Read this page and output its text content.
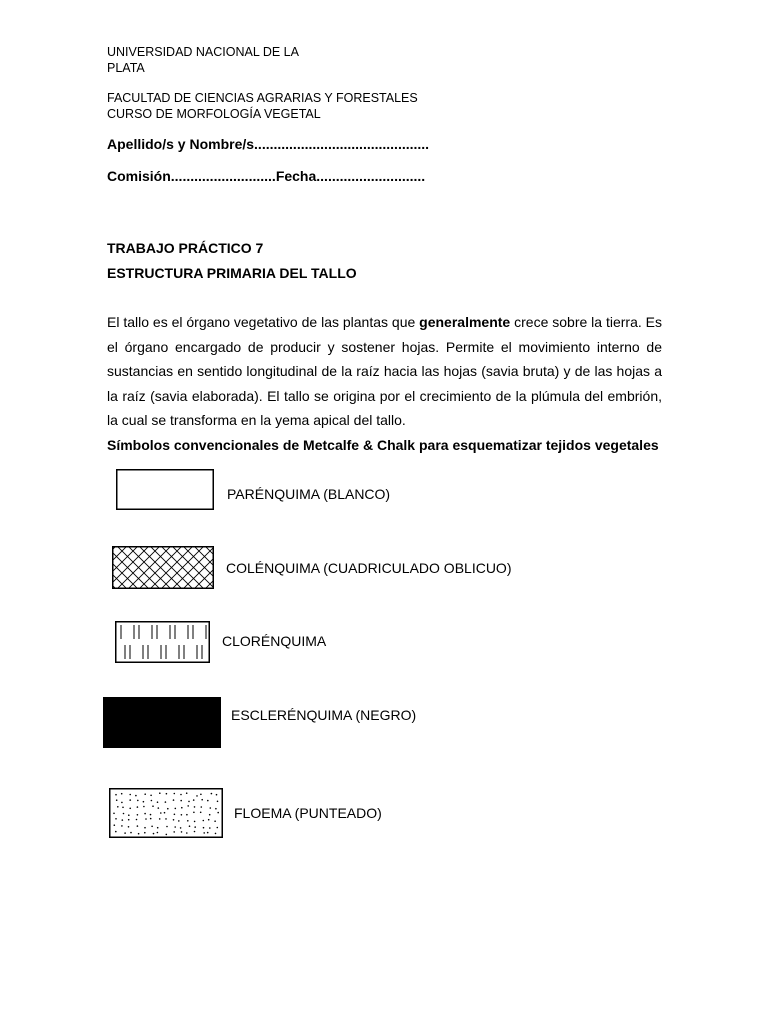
UNIVERSIDAD NACIONAL DE LA
PLATA
FACULTAD DE CIENCIAS AGRARIAS Y FORESTALES
CURSO DE MORFOLOGÍA VEGETAL
Apellido/s y Nombre/s.............................................
Comisión...........................Fecha............................
TRABAJO PRÁCTICO 7
ESTRUCTURA PRIMARIA DEL TALLO
El tallo es el órgano vegetativo de las plantas que generalmente crece sobre la tierra. Es el órgano encargado de producir y sostener hojas. Permite el movimiento interno de sustancias en sentido longitudinal de la raíz hacia las hojas (savia bruta) y de las hojas a la raíz (savia elaborada). El tallo se origina por el crecimiento de la plúmula del embrión, la cual se transforma en la yema apical del tallo.
Símbolos convencionales de Metcalfe & Chalk para esquematizar tejidos vegetales
PARÉNQUIMA (BLANCO)
COLÉNQUIMA (CUADRICULADO OBLICUO)
CLORÉNQUIMA
ESCLERÉNQUIMA (NEGRO)
FLOEMA (PUNTEADO)
